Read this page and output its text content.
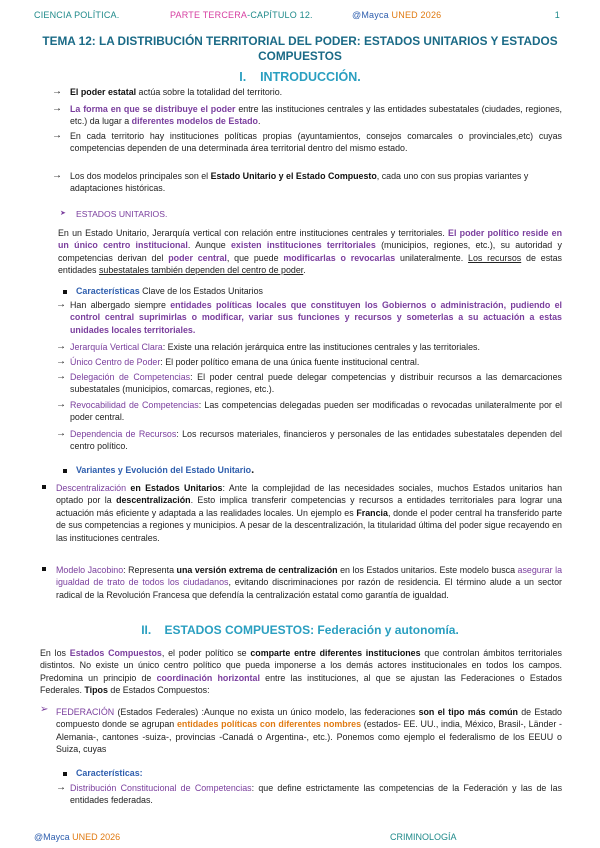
CIENCIA POLÍTICA.	PARTE TERCERA-CAPÍTULO 12.	@Mayca UNED 2026	1
TEMA 12: LA DISTRIBUCIÓN TERRITORIAL DEL PODER: ESTADOS UNITARIOS Y ESTADOS COMPUESTOS
I.    INTRODUCCIÓN.
→ El poder estatal actúa sobre la totalidad del territorio.
→ La forma en que se distribuye el poder entre las instituciones centrales y las entidades subestatales (ciudades, regiones, etc.) da lugar a diferentes modelos de Estado.
→ En cada territorio hay instituciones políticas propias (ayuntamientos, consejos comarcales o provinciales,etc) cuyas competencias dependen de una determinada área territorial dentro del mismo estado.
→ Los dos modelos principales son el Estado Unitario y el Estado Compuesto, cada uno con sus propias variantes y adaptaciones históricas.
➤ ESTADOS UNITARIOS.
En un Estado Unitario, Jerarquía vertical con relación entre instituciones centrales y territoriales. El poder político reside en un único centro institucional. Aunque existen instituciones territoriales (municipios, regiones, etc.), su autoridad y competencias derivan del poder central, que puede modificarlas o revocarlas unilateralmente. Los recursos de estas entidades subestatales también dependen del centro de poder.
Características Clave de los Estados Unitarios
→ Han albergado siempre entidades políticas locales que constituyen los Gobiernos o administración, pudiendo el control central suprimirlas o modificar, variar sus funciones y recursos y someterlas a su actuación a estas unidades locales territoriales.
→ Jerarquía Vertical Clara: Existe una relación jerárquica entre las instituciones centrales y las territoriales.
→ Único Centro de Poder: El poder político emana de una única fuente institucional central.
→ Delegación de Competencias: El poder central puede delegar competencias y distribuir recursos a las demarcaciones subestatales (municipios, comarcas, regiones, etc.).
→ Revocabilidad de Competencias: Las competencias delegadas pueden ser modificadas o revocadas unilateralmente por el poder central.
→ Dependencia de Recursos: Los recursos materiales, financieros y personales de las entidades subestatales dependen del centro político.
Variantes y Evolución del Estado Unitario.
Descentralización en Estados Unitarios: Ante la complejidad de las necesidades sociales, muchos Estados unitarios han optado por la descentralización. Esto implica transferir competencias y recursos a entidades territoriales para lograr una actuación más eficiente y adaptada a las realidades locales. Un ejemplo es Francia, donde el poder central ha transferido parte de sus competencias a regiones y municipios. A pesar de la descentralización, la titularidad última del poder sigue recayendo en las instituciones centrales.
Modelo Jacobino: Representa una versión extrema de centralización en los Estados unitarios. Este modelo busca asegurar la igualdad de trato de todos los ciudadanos, evitando discriminaciones por razón de residencia. El término alude a un sector radical de la Revolución Francesa que defendía la centralización estatal como garantía de igualdad.
II.    ESTADOS COMPUESTOS: Federación y autonomía.
En los Estados Compuestos, el poder político se comparte entre diferentes instituciones que controlan ámbitos territoriales distintos. No existe un único centro político que pueda imponerse a los demás actores institucionales en todos los campos. Predomina un principio de coordinación horizontal entre las instituciones, al que se ajustan las Federaciones o Estados Federales. Tipos de Estados Compuestos:
➢ FEDERACIÓN (Estados Federales) :Aunque no exista un único modelo, las federaciones son el tipo más común de Estado compuesto donde se agrupan entidades políticas con diferentes nombres (estados- EE. UU., india, México, Brasil-, Länder -Alemania-, cantones -suiza-, provincias -Canadá o Argentina-, etc.). Ponemos como ejemplo el federalismo de los EEUU o Suiza, cuyas
Características:
→ Distribución Constitucional de Competencias: que define estrictamente las competencias de la Federación y las de las entidades federadas.
@Mayca UNED 2026	CRIMINOLOGÍA
